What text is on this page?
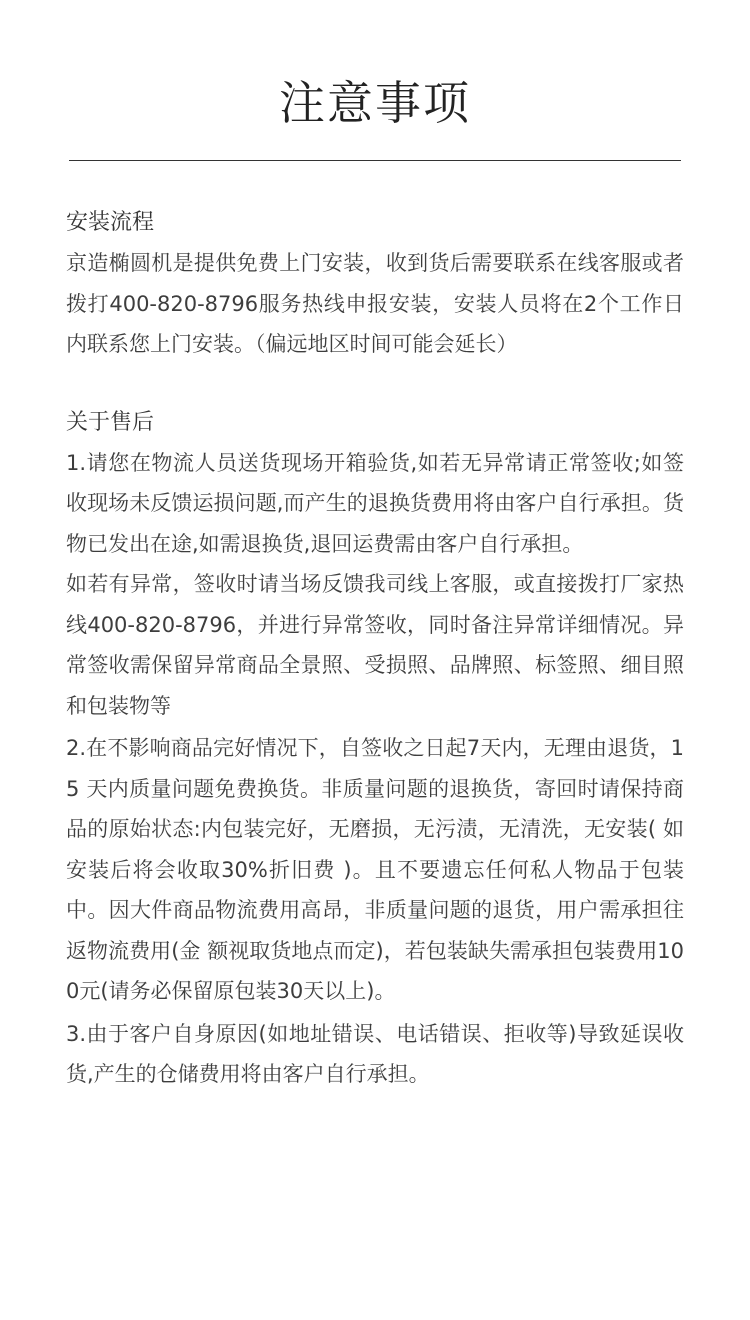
注意事项
安装流程

京造椭圆机是提供免费上门安装，收到货后需要联系在线客服或者拨打400-820-8796服务热线申报安装，安装人员将在2个工作日内联系您上门安装。（偏远地区时间可能会延长）

关于售后

1.请您在物流人员送货现场开箱验货,如若无异常请正常签收;如签收现场未反馈运损问题,而产生的退换货费用将由客户自行承担。货物已发出在途,如需退换货,退回运费需由客户自行承担。

如若有异常，签收时请当场反馈我司线上客服，或直接拨打厂家热线400-820-8796，并进行异常签收，同时备注异常详细情况。异常签收需保留异常商品全景照、受损照、品牌照、标签照、细目照和包装物等

2.在不影响商品完好情况下，自签收之日起7天内，无理由退货，15 天内质量问题免费换货。非质量问题的退换货，寄回时请保持商品的原始状态:内包装完好，无磨损，无污渍，无清洗，无安装( 如安装后将会收取30%折旧费 )。且不要遗忘任何私人物品于包装中。因大件商品物流费用高昂，非质量问题的退货，用户需承担往返物流费用(金 额视取货地点而定)，若包装缺失需承担包装费用100元(请务必保留原包装30天以上)。

3.由于客户自身原因(如地址错误、电话错误、拒收等)导致延误收货,产生的仓储费用将由客户自行承担。
